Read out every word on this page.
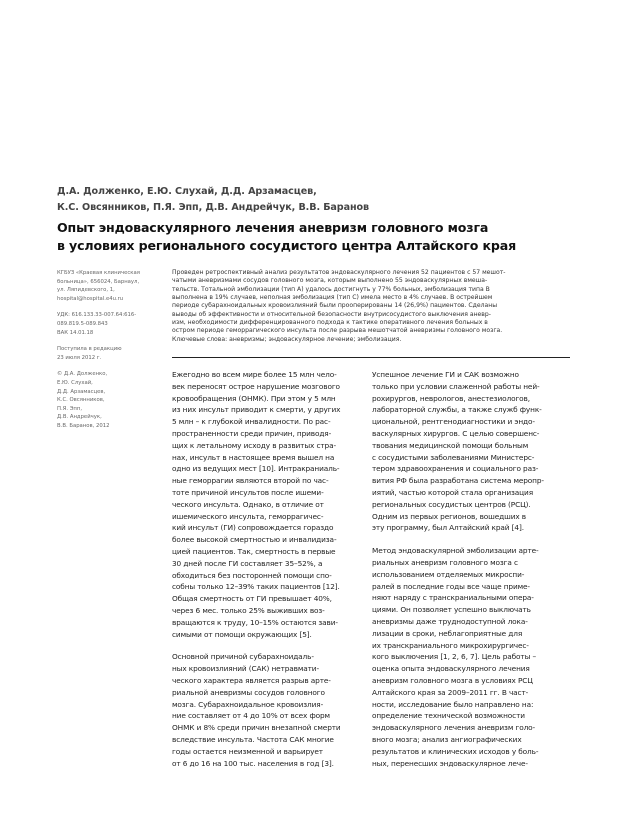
Д.А. Долженко, Е.Ю. Слухай, Д.Д. Арзамасцев,
К.С. Овсянников, П.Я. Эпп, Д.В. Андрейчук, В.В. Баранов
Опыт эндоваскулярного лечения аневризм головного мозга
в условиях регионального сосудистого центра Алтайского края
КГБУЗ «Краевая клиническая
больница», 656024, Барнаул,
ул. Ляпидевского, 1,
hospital@hospital.e4u.ru
УДК: 616.133.33-007.64:616-
089.819.5-089.843
ВАК 14.01.18
Поступила в редакцию
23 июля 2012 г.
© Д.А. Долженко,
Е.Ю. Слухай,
Д.Д. Арзамасцев,
К.С. Овсянников,
П.Я. Эпп,
Д.В. Андрейчук,
В.В. Баранов, 2012
Проведен ретроспективный анализ результатов эндоваскулярного лечения 52 пациентов с 57 мешот-
чатыми аневризмами сосудов головного мозга, которым выполнено 55 эндоваскулярных вмеша-
тельств. Тотальной эмболизации (тип А) удалось достигнуть у 77% больных, эмболизация типа В
выполнена в 19% случаев, неполная эмболизация (тип С) имела место в 4% случаев. В острейшем
периоде субарахноидальных кровоизлияний были прооперированы 14 (26,9%) пациентов. Сделаны
выводы об эффективности и относительной безопасности внутрисосудистого выключения аневр-
изм, необходимости дифференцированного подхода к тактике оперативного лечения больных в
остром периоде геморрагического инсульта после разрыва мешотчатой аневризмы головного мозга.
Ключевые слова: аневризмы; эндоваскулярное лечение; эмболизация.
Ежегодно во всем мире более 15 млн чело-
век переносят острое нарушение мозгового
кровообращения (ОНМК). При этом у 5 млн
из них инсульт приводит к смерти, у других
5 млн – к глубокой инвалидности. По рас-
пространенности среди причин, приводя-
щих к летальному исходу в развитых стра-
нах, инсульт в настоящее время вышел на
одно из ведущих мест [10]. Интракраниаль-
ные геморрагии являются второй по час-
тоте причиной инсультов после ишеми-
ческого инсульта. Однако, в отличие от
ишемического инсульта, геморрагичес-
кий инсульт (ГИ) сопровождается гораздо
более высокой смертностью и инвалидиза-
цией пациентов. Так, смертность в первые
30 дней после ГИ составляет 35–52%, а
обходиться без посторонней помощи спо-
собны только 12–39% таких пациентов [12].
Общая смертность от ГИ превышает 40%,
через 6 мес. только 25% выживших воз-
вращаются к труду, 10–15% остаются зави-
симыми от помощи окружающих [5].
Основной причиной субарахноидаль-
ных кровоизлияний (САК) нетравмати-
ческого характера является разрыв арте-
риальной аневризмы сосудов головного
мозга. Субарахноидальное кровоизлия-
ние составляет от 4 до 10% от всех форм
ОНМК и 8% среди причин внезапной смерти
вследствие инсульта. Частота САК многие
годы остается неизменной и варьирует
от 6 до 16 на 100 тыс. населения в год [3].
Успешное лечение ГИ и САК возможно
только при условии слаженной работы ней-
рохирургов, неврологов, анестезиологов,
лабораторной службы, а также служб функ-
циональной, рентгенодиагностики и эндо-
васкулярных хирургов. С целью совершенс-
твования медицинской помощи больным
с сосудистыми заболеваниями Министерс-
тером здравоохранения и социального раз-
вития РФ была разработана система меропр-
иятий, частью которой стала организация
региональных сосудистых центров (РСЦ).
Одним из первых регионов, вошедших в
эту программу, был Алтайский край [4].
Метод эндоваскулярной эмболизации арте-
риальных аневризм головного мозга с
использованием отделяемых микроспи-
ралей в последние годы все чаще приме-
няют наряду с транскраниальными опера-
циями. Он позволяет успешно выключать
аневризмы даже труднодоступной лока-
лизации в сроки, неблагоприятные для
их транскраниального микрохирургичес-
кого выключения [1, 2, 6, 7]. Цель работы –
оценка опыта эндоваскулярного лечения
аневризм головного мозга в условиях РСЦ
Алтайского края за 2009–2011 гг. В част-
ности, исследование было направлено на:
определение технической возможности
эндоваскулярного лечения аневризм голо-
вного мозга; анализ ангиографических
результатов и клинических исходов у боль-
ных, перенесших эндоваскулярное лече-
